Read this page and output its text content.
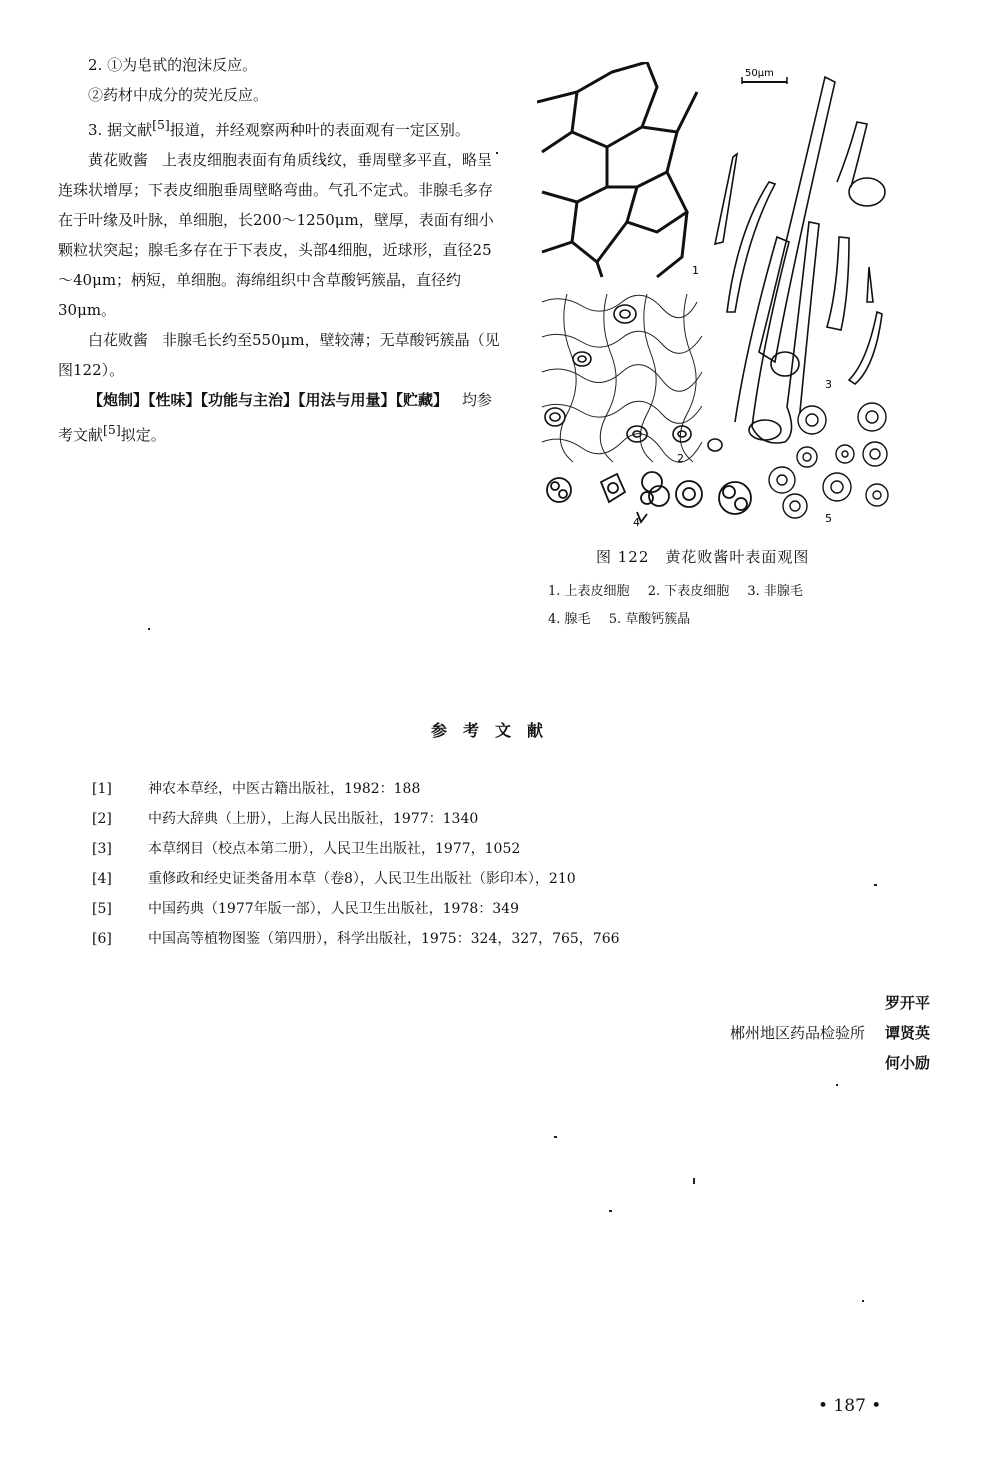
2. ①为皂甙的泡沫反应。

②药材中成分的荧光反应。

3. 据文献[5]报道，并经观察两种叶的表面观有一定区别。

黄花败酱 上表皮细胞表面有角质线纹，垂周壁多平直，略呈连珠状增厚；下表皮细胞垂周壁略弯曲。气孔不定式。非腺毛多存在于叶缘及叶脉，单细胞，长200～1250μm，壁厚，表面有细小颗粒状突起；腺毛多存在于下表皮，头部4细胞，近球形，直径25～40μm；柄短，单细胞。海绵组织中含草酸钙簇晶，直径约30μm。

白花败酱 非腺毛长约至550μm，壁较薄；无草酸钙簇晶（见图122）。

【炮制】【性味】【功能与主治】【用法与用量】【贮藏】 均参考文献[5]拟定。

50μm
1
2
3
4	5
图 122　黄花败酱叶表面观图
1. 上表皮细胞 2. 下表皮细胞 3. 非腺毛
4. 腺毛 5. 草酸钙簇晶
参考文献
[1]	神农本草经，中医古籍出版社，1982：188
[2]	中药大辞典（上册），上海人民出版社，1977：1340
[3]	本草纲目（校点本第二册），人民卫生出版社，1977，1052
[4]	重修政和经史证类备用本草（卷8），人民卫生出版社（影印本），210
[5]	中国药典（1977年版一部），人民卫生出版社，1978：349
[6]	中国高等植物图鉴（第四册），科学出版社，1975：324，327，765，766
罗开平
郴州地区药品检验所 谭贤英
何小励
• 187 •
